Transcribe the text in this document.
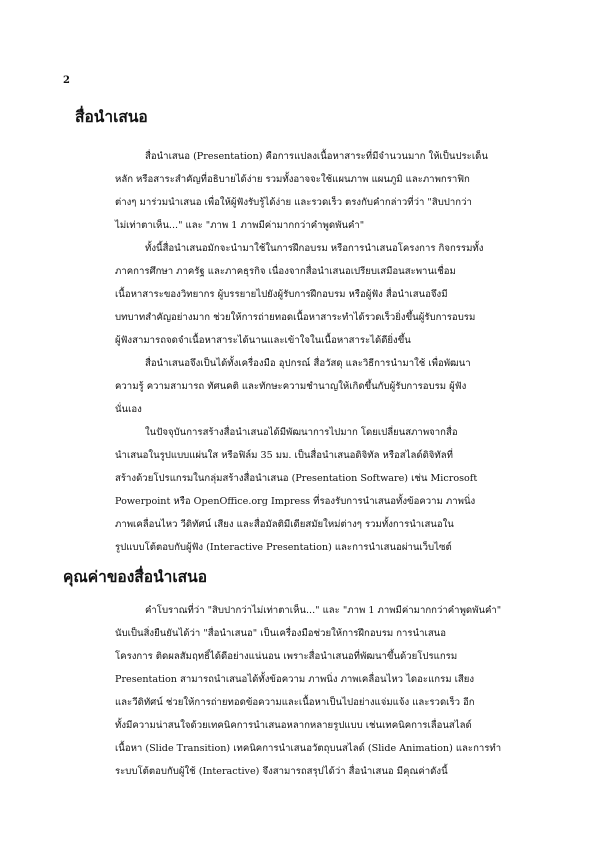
2
สื่อนำเสนอ
สื่อนำเสนอ (Presentation) คือการแปลงเนื้อหาสาระที่มีจำนวนมาก ให้เป็นประเด็น
หลัก หรือสาระสำคัญที่อธิบายได้ง่าย รวมทั้งอาจจะใช้แผนภาพ แผนภูมิ และภาพกราฟิก
ต่างๆ มาร่วมนำเสนอ เพื่อให้ผู้ฟังรับรู้ได้ง่าย และรวดเร็ว ตรงกับคำกล่าวที่ว่า "สิบปากว่า
ไม่เท่าตาเห็น..." และ "ภาพ 1 ภาพมีค่ามากกว่าคำพูดพันคำ"
ทั้งนี้สื่อนำเสนอมักจะนำมาใช้ในการฝึกอบรม หรือการนำเสนอโครงการ กิจกรรมทั้ง
ภาคการศึกษา ภาครัฐ และภาคธุรกิจ เนื่องจากสื่อนำเสนอเปรียบเสมือนสะพานเชื่อม
เนื้อหาสาระของวิทยากร ผู้บรรยายไปยังผู้รับการฝึกอบรม หรือผู้ฟัง สื่อนำเสนอจึงมี
บทบาทสำคัญอย่างมาก ช่วยให้การถ่ายทอดเนื้อหาสาระทำได้รวดเร็วยิ่งขึ้นผู้รับการอบรม
ผู้ฟังสามารถจดจำเนื้อหาสาระได้นานและเข้าใจในเนื้อหาสาระได้ดียิ่งขึ้น
สื่อนำเสนอจึงเป็นได้ทั้งเครื่องมือ อุปกรณ์ สื่อวัสดุ และวิธีการนำมาใช้ เพื่อพัฒนา
ความรู้ ความสามารถ ทัศนคติ และทักษะความชำนาญให้เกิดขึ้นกับผู้รับการอบรม ผู้ฟัง
นั่นเอง
ในปัจจุบันการสร้างสื่อนำเสนอได้มีพัฒนาการไปมาก โดยเปลี่ยนสภาพจากสื่อ
นำเสนอในรูปแบบแผ่นใส หรือฟิล์ม 35 มม. เป็นสื่อนำเสนอดิจิทัล หรือสไลด์ดิจิทัลที่
สร้างด้วยโปรแกรมในกลุ่มสร้างสื่อนำเสนอ (Presentation Software) เช่น Microsoft
Powerpoint หรือ OpenOffice.org Impress ที่รองรับการนำเสนอทั้งข้อความ ภาพนิ่ง
ภาพเคลื่อนไหว วีดิทัศน์ เสียง และสื่อมัลติมีเดียสมัยใหม่ต่างๆ รวมทั้งการนำเสนอใน
รูปแบบโต้ตอบกับผู้ฟัง (Interactive Presentation) และการนำเสนอผ่านเว็บไซต์
คุณค่าของสื่อนำเสนอ
คำโบราณที่ว่า "สิบปากว่าไม่เท่าตาเห็น..." และ "ภาพ 1 ภาพมีค่ามากกว่าคำพูดพันคำ"
นับเป็นสิ่งยืนยันได้ว่า "สื่อนำเสนอ" เป็นเครื่องมือช่วยให้การฝึกอบรม การนำเสนอ
โครงการ ติดผลสัมฤทธิ์ได้ดีอย่างแน่นอน เพราะสื่อนำเสนอที่พัฒนาขึ้นด้วยโปรแกรม
Presentation สามารถนำเสนอได้ทั้งข้อความ ภาพนิ่ง ภาพเคลื่อนไหว ไดอะแกรม เสียง
และวีดิทัศน์ ช่วยให้การถ่ายทอดข้อความและเนื้อหาเป็นไปอย่างแจ่มแจ้ง และรวดเร็ว อีก
ทั้งมีความน่าสนใจด้วยเทคนิคการนำเสนอหลากหลายรูปแบบ เช่นเทคนิคการเลื่อนสไลด์
เนื้อหา (Slide Transition) เทคนิคการนำเสนอวัตถุบนสไลด์ (Slide Animation) และการทำ
ระบบโต้ตอบกับผู้ใช้ (Interactive) จึงสามารถสรุปได้ว่า สื่อนำเสนอ มีคุณค่าดังนี้
